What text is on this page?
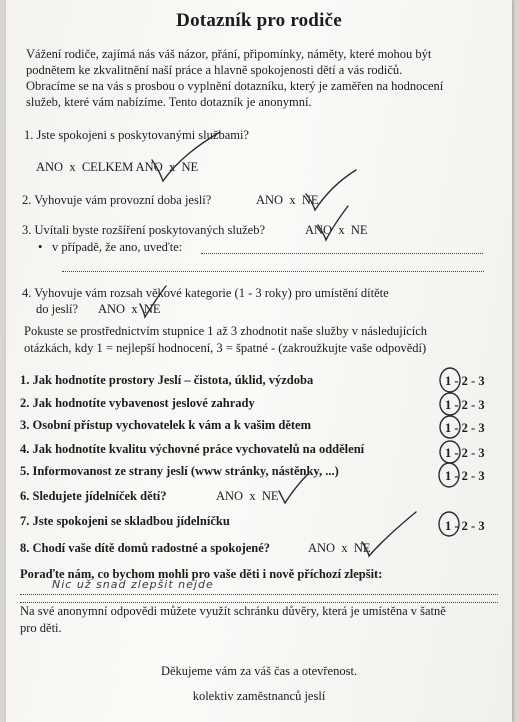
Dotazník pro rodiče
Vážení rodiče, zajímá nás váš názor, přání, připomínky, náměty, které mohou být
podnětem ke zkvalitnění naší práce a hlavně spokojenosti dětí a vás rodičů.
Obracíme se na vás s prosbou o vyplnění dotazníku, který je zaměřen na hodnocení
služeb, které vám nabízíme. Tento dotazník je anonymní.
1. Jste spokojeni s poskytovanými službami?
ANO  x  CELKEM ANO  x  NE
2. Vyhovuje vám provozní doba jeslí?	ANO  x  NE
3. Uvítali byste rozšíření poskytovaných služeb?	ANO  x  NE
• v případě, že ano, uveďte:
4. Vyhovuje vám rozsah věkové kategorie (1 - 3 roky) pro umístění dítěte
do jeslí? ANO  x  NE
Pokuste se prostřednictvím stupnice 1 až 3 zhodnotit naše služby v následujících
otázkách, kdy 1 = nejlepší hodnocení, 3 = špatné - (zakroužkujte vaše odpovědí)
1. Jak hodnotíte prostory Jeslí – čistota, úklid, výzdoba	1 - 2 - 3
2. Jak hodnotíte vybavenost jeslové zahrady	1 - 2 - 3
3. Osobní přístup vychovatelek k vám a k vašim dětem	1 - 2 - 3
4. Jak hodnotíte kvalitu výchovné práce vychovatelů na oddělení	1 - 2 - 3
5. Informovanost ze strany jeslí (www stránky, nástěnky, ...)	1 - 2 - 3
6. Sledujete jídelníček dětí?	ANO  x  NE
7. Jste spokojeni se skladbou jídelníčku	1 - 2 - 3
8. Chodí vaše dítě domů radostné a spokojené?	ANO  x  NE
Poraďte nám, co bychom mohli pro vaše děti i nově příchozí zlepšit:
Nic už snad zlepšit nejde
Na své anonymní odpovědi můžete využít schránku důvěry, která je umístěna v šatně
pro děti.
Děkujeme vám za váš čas a otevřenost.
kolektiv zaměstnanců jeslí
